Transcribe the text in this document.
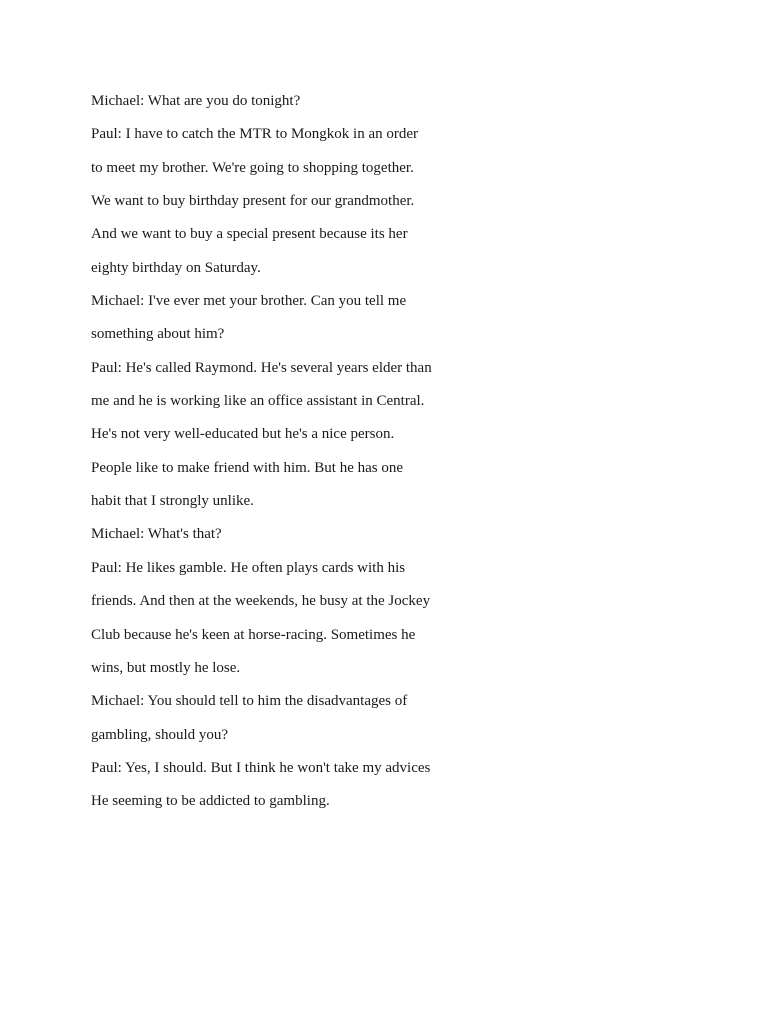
Michael: What are you do tonight?
Paul: I have to catch the MTR to Mongkok in an order
to meet my brother. We're going to shopping together.
We want to buy birthday present for our grandmother.
And we want to buy a special present because its her
eighty birthday on Saturday.
Michael: I've ever met your brother. Can you tell me
something about him?
Paul: He's called Raymond. He's several years elder than
me and he is working like an office assistant in Central.
He's not very well-educated but he's a nice person.
People like to make friend with him. But he has one
habit that I strongly unlike.
Michael: What's that?
Paul: He likes gamble. He often plays cards with his
friends. And then at the weekends, he busy at the Jockey
Club because he's keen at horse-racing. Sometimes he
wins, but mostly he lose.
Michael: You should tell to him the disadvantages of
gambling, should you?
Paul: Yes, I should. But I think he won't take my advices
He seeming to be addicted to gambling.
